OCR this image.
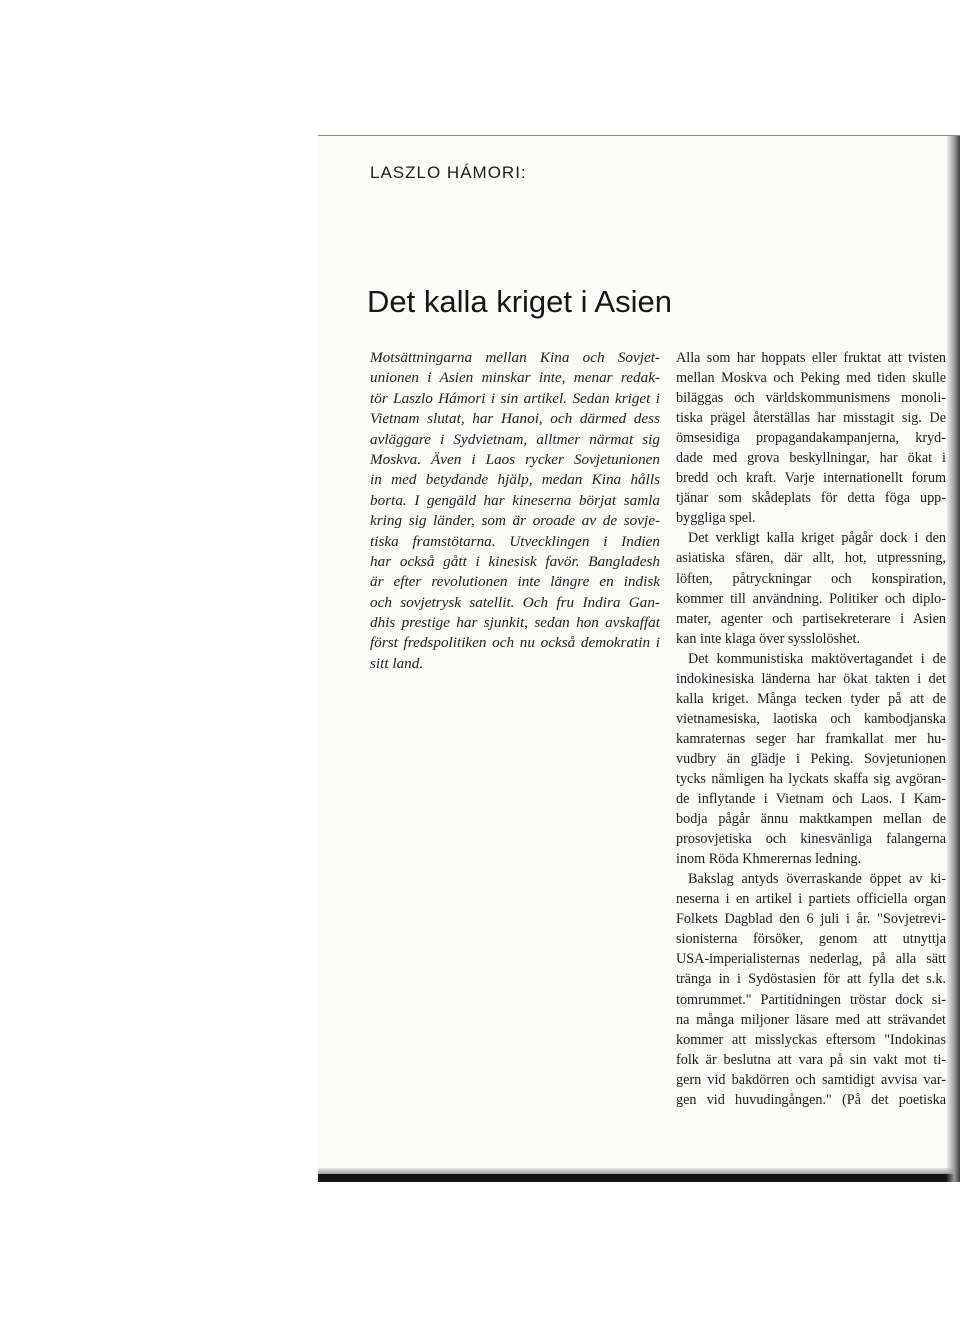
LASZLO HÁMORI:
Det kalla kriget i Asien
Motsättningarna mellan Kina och Sovjet-
unionen i Asien minskar inte, menar redak-
tör Laszlo Hámori i sin artikel. Sedan kriget i
Vietnam slutat, har Hanoi, och därmed dess
avläggare i Sydvietnam, alltmer närmat sig
Moskva. Även i Laos rycker Sovjetunionen
in med betydande hjälp, medan Kina hålls
borta. I gengäld har kineserna börjat samla
kring sig länder, som är oroade av de sovje-
tiska framstötarna. Utvecklingen i Indien
har också gått i kinesisk favör. Bangladesh
är efter revolutionen inte längre en indisk
och sovjetrysk satellit. Och fru Indira Gan-
dhis prestige har sjunkit, sedan hon avskaffat
först fredspolitiken och nu också demokratin i
sitt land.
Alla som har hoppats eller fruktat att tvisten
mellan Moskva och Peking med tiden skulle
biläggas och världskommunismens monoli-
tiska prägel återställas har misstagit sig. De
ömsesidiga propagandakampanjerna, kryd-
dade med grova beskyllningar, har ökat i
bredd och kraft. Varje internationellt forum
tjänar som skådeplats för detta föga upp-
byggliga spel.
Det verkligt kalla kriget pågår dock i den
asiatiska sfären, där allt, hot, utpressning,
löften, påtryckningar och konspiration,
kommer till användning. Politiker och diplo-
mater, agenter och partisekreterare i Asien
kan inte klaga över sysslolöshet.
Det kommunistiska maktövertagandet i de
indokinesiska länderna har ökat takten i det
kalla kriget. Många tecken tyder på att de
vietnamesiska, laotiska och kambodjanska
kamraternas seger har framkallat mer hu-
vudbry än glädje i Peking. Sovjetunionen
tycks nämligen ha lyckats skaffa sig avgöran-
de inflytande i Vietnam och Laos. I Kam-
bodja pågår ännu maktkampen mellan de
prosovjetiska och kinesvänliga falangerna
inom Röda Khmerernas ledning.
Bakslag antyds överraskande öppet av ki-
neserna i en artikel i partiets officiella organ
Folkets Dagblad den 6 juli i år. "Sovjetrevi-
sionisterna försöker, genom att utnyttja
USA-imperialisternas nederlag, på alla sätt
tränga in i Sydöstasien för att fylla det s.k.
tomrummet." Partitidningen tröstar dock si-
na många miljoner läsare med att strävandet
kommer att misslyckas eftersom "Indokinas
folk är beslutna att vara på sin vakt mot ti-
gern vid bakdörren och samtidigt avvisa var-
gen vid huvudingången." (På det poetiska
